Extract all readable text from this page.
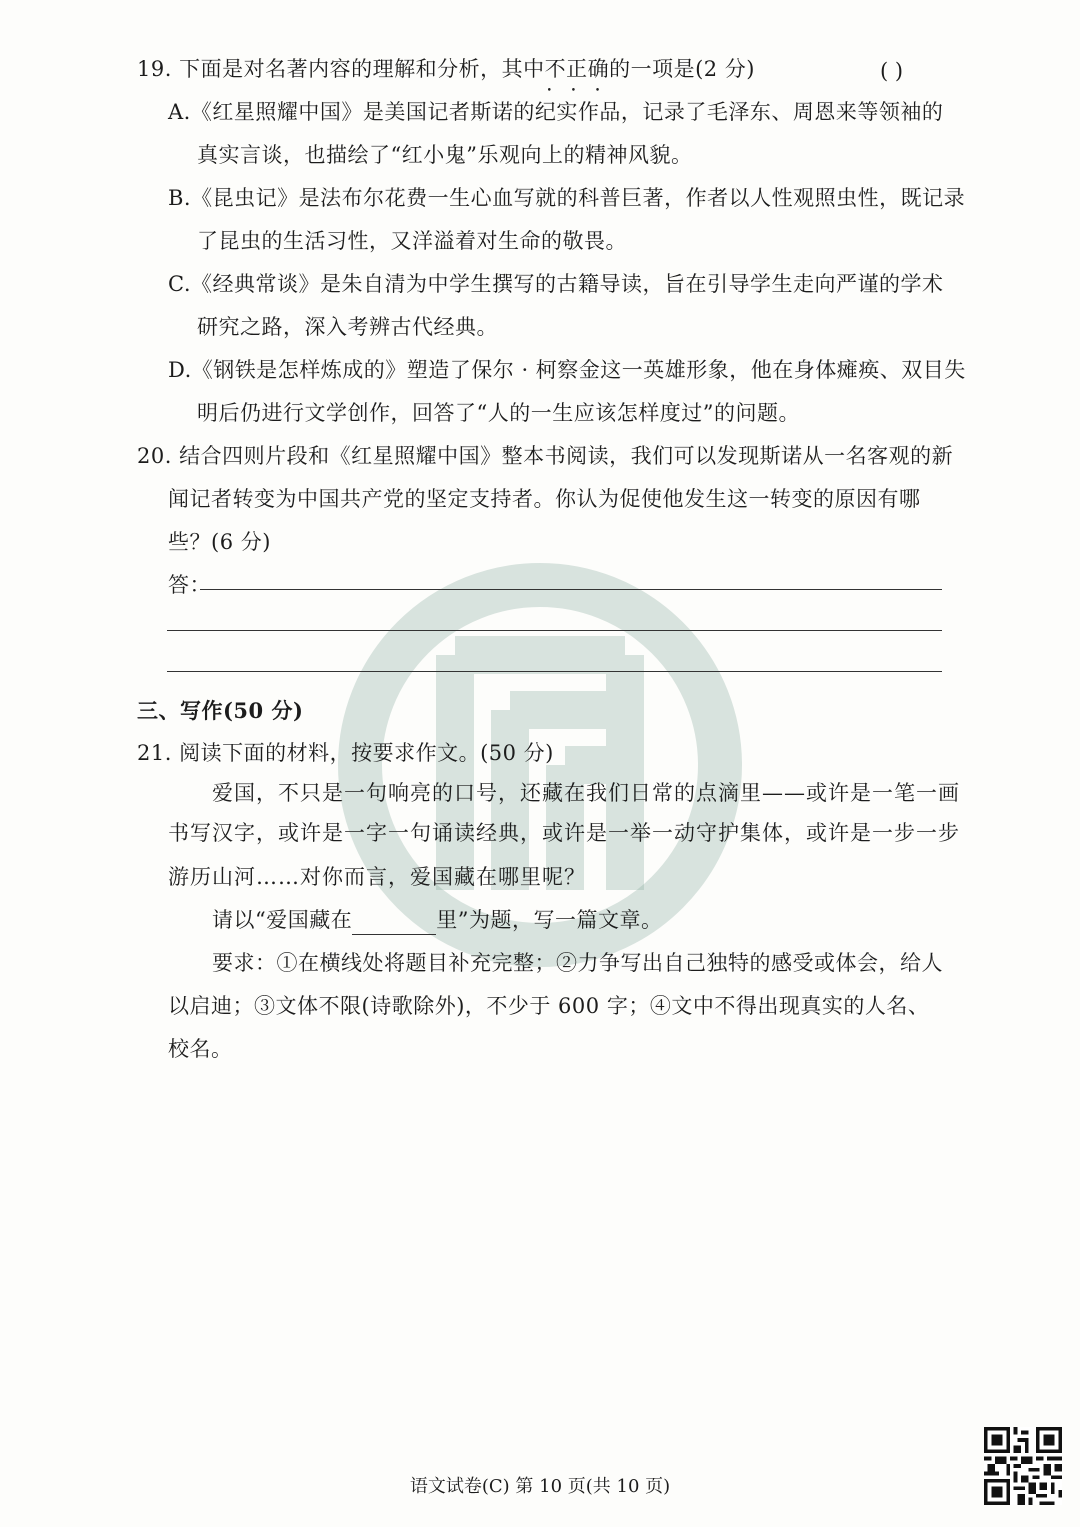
19. 下面是对名著内容的理解和分析，其中不正确 • • •的一项是(2 分)	( )
A.《红星照耀中国》是美国记者斯诺的纪实作品，记录了毛泽东、周恩来等领袖的
真实言谈，也描绘了“红小鬼”乐观向上的精神风貌。
B.《昆虫记》是法布尔花费一生心血写就的科普巨著，作者以人性观照虫性，既记录
了昆虫的生活习性，又洋溢着对生命的敬畏。
C.《经典常谈》是朱自清为中学生撰写的古籍导读，旨在引导学生走向严谨的学术
研究之路，深入考辨古代经典。
D.《钢铁是怎样炼成的》塑造了保尔 · 柯察金这一英雄形象，他在身体瘫痪、双目失
明后仍进行文学创作，回答了“人的一生应该怎样度过”的问题。
20. 结合四则片段和《红星照耀中国》整本书阅读，我们可以发现斯诺从一名客观的新
闻记者转变为中国共产党的坚定支持者。你认为促使他发生这一转变的原因有哪
些？(6 分)
答：
三、写作(50 分)
21. 阅读下面的材料，按要求作文。(50 分)
爱国，不只是一句响亮的口号，还藏在我们日常的点滴里——或许是一笔一画
书写汉字，或许是一字一句诵读经典，或许是一举一动守护集体，或许是一步一步
游历山河……对你而言，爱国藏在哪里呢？
请以“爱国藏在	里”为题，写一篇文章。
要求：①在横线处将题目补充完整；②力争写出自己独特的感受或体会，给人
以启迪；③文体不限(诗歌除外)，不少于 600 字；④文中不得出现真实的人名、
校名。
语文试卷(C) 第 10 页(共 10 页)
